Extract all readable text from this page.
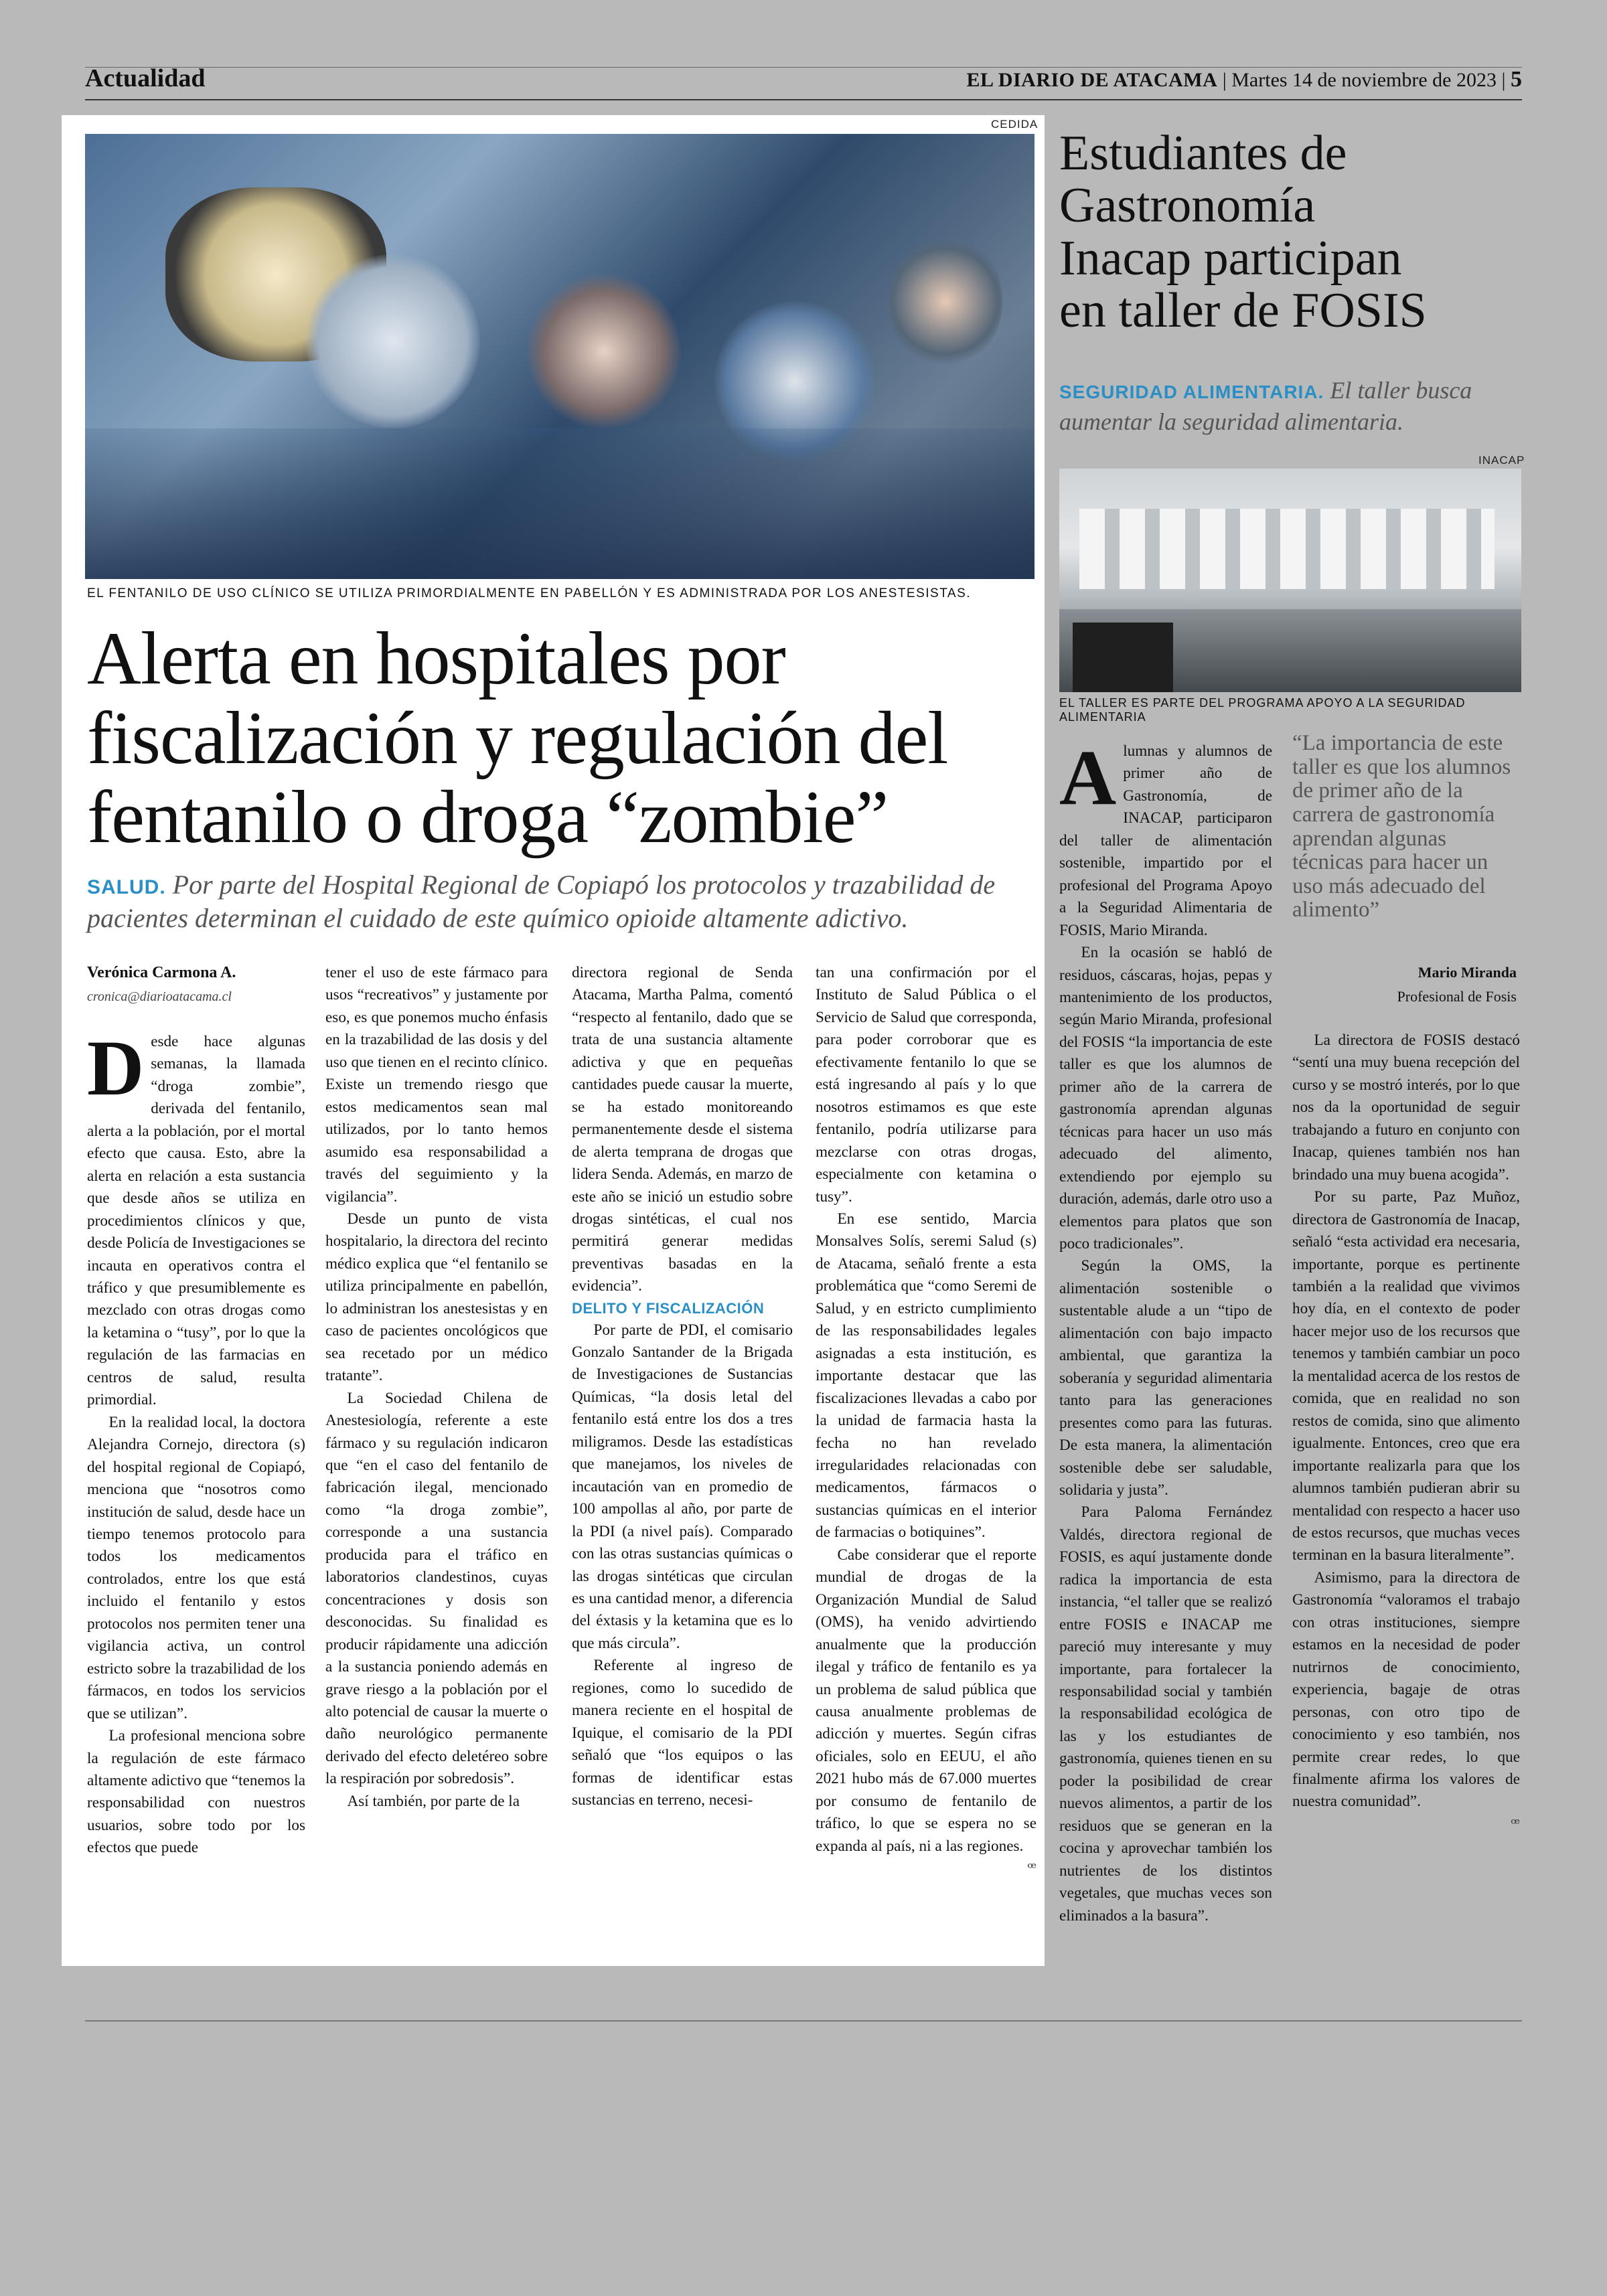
Actualidad	EL DIARIO DE ATACAMA | Martes 14 de noviembre de 2023 | 5
CEDIDA
EL FENTANILO DE USO CLÍNICO SE UTILIZA PRIMORDIALMENTE EN PABELLÓN Y ES ADMINISTRADA POR LOS ANESTESISTAS.
Alerta en hospitales por
fiscalización y regulación del
fentanilo o droga “zombie”
SALUD. Por parte del Hospital Regional de Copiapó los protocolos y trazabilidad de pacientes determinan el cuidado de este químico opioide altamente adictivo.
Verónica Carmona A.
cronica@diarioatacama.cl

Desde hace algunas semanas, la llamada “droga zombie”, derivada del fentanilo, alerta a la población, por el mortal efecto que causa. Esto, abre la alerta en relación a esta sustancia que desde años se utiliza en procedimientos clínicos y que, desde Policía de Investigaciones se incauta en operativos contra el tráfico y que presumiblemente es mezclado con otras drogas como la ketamina o “tusy”, por lo que la regulación de las farmacias en centros de salud, resulta primordial.

En la realidad local, la doctora Alejandra Cornejo, directora (s) del hospital regional de Copiapó, menciona que “nosotros como institución de salud, desde hace un tiempo tenemos protocolo para todos los medicamentos controlados, entre los que está incluido el fentanilo y estos protocolos nos permiten tener una vigilancia activa, un control estricto sobre la trazabilidad de los fármacos, en todos los servicios que se utilizan”.

La profesional menciona sobre la regulación de este fármaco altamente adictivo que “tenemos la responsabilidad con nuestros usuarios, sobre todo por los efectos que puede

tener el uso de este fármaco para usos “recreativos” y justamente por eso, es que ponemos mucho énfasis en la trazabilidad de las dosis y del uso que tienen en el recinto clínico. Existe un tremendo riesgo que estos medicamentos sean mal utilizados, por lo tanto hemos asumido esa responsabilidad a través del seguimiento y la vigilancia”.

Desde un punto de vista hospitalario, la directora del recinto médico explica que “el fentanilo se utiliza principalmente en pabellón, lo administran los anestesistas y en caso de pacientes oncológicos que sea recetado por un médico tratante”.

La Sociedad Chilena de Anestesiología, referente a este fármaco y su regulación indicaron que “en el caso del fentanilo de fabricación ilegal, mencionado como “la droga zombie”, corresponde a una sustancia producida para el tráfico en laboratorios clandestinos, cuyas concentraciones y dosis son desconocidas. Su finalidad es producir rápidamente una adicción a la sustancia poniendo además en grave riesgo a la población por el alto potencial de causar la muerte o daño neurológico permanente derivado del efecto deletéreo sobre la respiración por sobredosis”.

Así también, por parte de la

directora regional de Senda Atacama, Martha Palma, comentó “respecto al fentanilo, dado que se trata de una sustancia altamente adictiva y que en pequeñas cantidades puede causar la muerte, se ha estado monitoreando permanentemente desde el sistema de alerta temprana de drogas que lidera Senda. Además, en marzo de este año se inició un estudio sobre drogas sintéticas, el cual nos permitirá generar medidas preventivas basadas en la evidencia”.

DELITO Y FISCALIZACIÓN

Por parte de PDI, el comisario Gonzalo Santander de la Brigada de Investigaciones de Sustancias Químicas, “la dosis letal del fentanilo está entre los dos a tres miligramos. Desde las estadísticas que manejamos, los niveles de incautación van en promedio de 100 ampollas al año, por parte de la PDI (a nivel país). Comparado con las otras sustancias químicas o las drogas sintéticas que circulan es una cantidad menor, a diferencia del éxtasis y la ketamina que es lo que más circula”.

Referente al ingreso de regiones, como lo sucedido de manera reciente en el hospital de Iquique, el comisario de la PDI señaló que “los equipos o las formas de identificar estas sustancias en terreno, necesi-

tan una confirmación por el Instituto de Salud Pública o el Servicio de Salud que corresponda, para poder corroborar que es efectivamente fentanilo lo que se está ingresando al país y lo que nosotros estimamos es que este fentanilo, podría utilizarse para mezclarse con otras drogas, especialmente con ketamina o tusy”.

En ese sentido, Marcia Monsalves Solís, seremi Salud (s) de Atacama, señaló frente a esta problemática que “como Seremi de Salud, y en estricto cumplimiento de las responsabilidades legales asignadas a esta institución, es importante destacar que las fiscalizaciones llevadas a cabo por la unidad de farmacia hasta la fecha no han revelado irregularidades relacionadas con medicamentos, fármacos o sustancias químicas en el interior de farmacias o botiquines”.

Cabe considerar que el reporte mundial de drogas de la Organización Mundial de Salud (OMS), ha venido advirtiendo anualmente que la producción ilegal y tráfico de fentanilo es ya un problema de salud pública que causa anualmente problemas de adicción y muertes. Según cifras oficiales, solo en EEUU, el año 2021 hubo más de 67.000 muertes por consumo de fentanilo de tráfico, lo que se espera no se expanda al país, ni a las regiones.

ꟹ

Estudiantes de
Gastronomía
Inacap participan
en taller de FOSIS
SEGURIDAD ALIMENTARIA. El taller busca aumentar la seguridad alimentaria.
INACAP
EL TALLER ES PARTE DEL PROGRAMA APOYO A LA SEGURIDAD ALIMENTARIA

Alumnas y alumnos de primer año de Gastronomía, de INACAP, participaron del taller de alimentación sostenible, impartido por el profesional del Programa Apoyo a la Seguridad Alimentaria de FOSIS, Mario Miranda.

En la ocasión se habló de residuos, cáscaras, hojas, pepas y mantenimiento de los productos, según Mario Miranda, profesional del FOSIS “la importancia de este taller es que los alumnos de primer año de la carrera de gastronomía aprendan algunas técnicas para hacer un uso más adecuado del alimento, extendiendo por ejemplo su duración, además, darle otro uso a elementos para platos que son poco tradicionales”.

Según la OMS, la alimentación sostenible o sustentable alude a un “tipo de alimentación con bajo impacto ambiental, que garantiza la soberanía y seguridad alimentaria tanto para las generaciones presentes como para las futuras. De esta manera, la alimentación sostenible debe ser saludable, solidaria y justa”.

Para Paloma Fernández Valdés, directora regional de FOSIS, es aquí justamente donde radica la importancia de esta instancia, “el taller que se realizó entre FOSIS e INACAP me pareció muy interesante y muy importante, para fortalecer la responsabilidad social y también la responsabilidad ecológica de las y los estudiantes de gastronomía, quienes tienen en su poder la posibilidad de crear nuevos alimentos, a partir de los residuos que se generan en la cocina y aprovechar también los nutrientes de los distintos vegetales, que muchas veces son eliminados a la basura”.

“La importancia de este taller es que los alumnos de primer año de la carrera de gastronomía aprendan algunas técnicas para hacer un uso más adecuado del alimento”
Mario Miranda
Profesional de Fosis

La directora de FOSIS destacó “sentí una muy buena recepción del curso y se mostró interés, por lo que nos da la oportunidad de seguir trabajando a futuro en conjunto con Inacap, quienes también nos han brindado una muy buena acogida”.

Por su parte, Paz Muñoz, directora de Gastronomía de Inacap, señaló “esta actividad era necesaria, importante, porque es pertinente también a la realidad que vivimos hoy día, en el contexto de poder hacer mejor uso de los recursos que tenemos y también cambiar un poco la mentalidad acerca de los restos de comida, que en realidad no son restos de comida, sino que alimento igualmente. Entonces, creo que era importante realizarla para que los alumnos también pudieran abrir su mentalidad con respecto a hacer uso de estos recursos, que muchas veces terminan en la basura literalmente”.

Asimismo, para la directora de Gastronomía “valoramos el trabajo con otras instituciones, siempre estamos en la necesidad de poder nutrirnos de conocimiento, experiencia, bagaje de otras personas, con otro tipo de conocimiento y eso también, nos permite crear redes, lo que finalmente afirma los valores de nuestra comunidad”.

ꟹ
